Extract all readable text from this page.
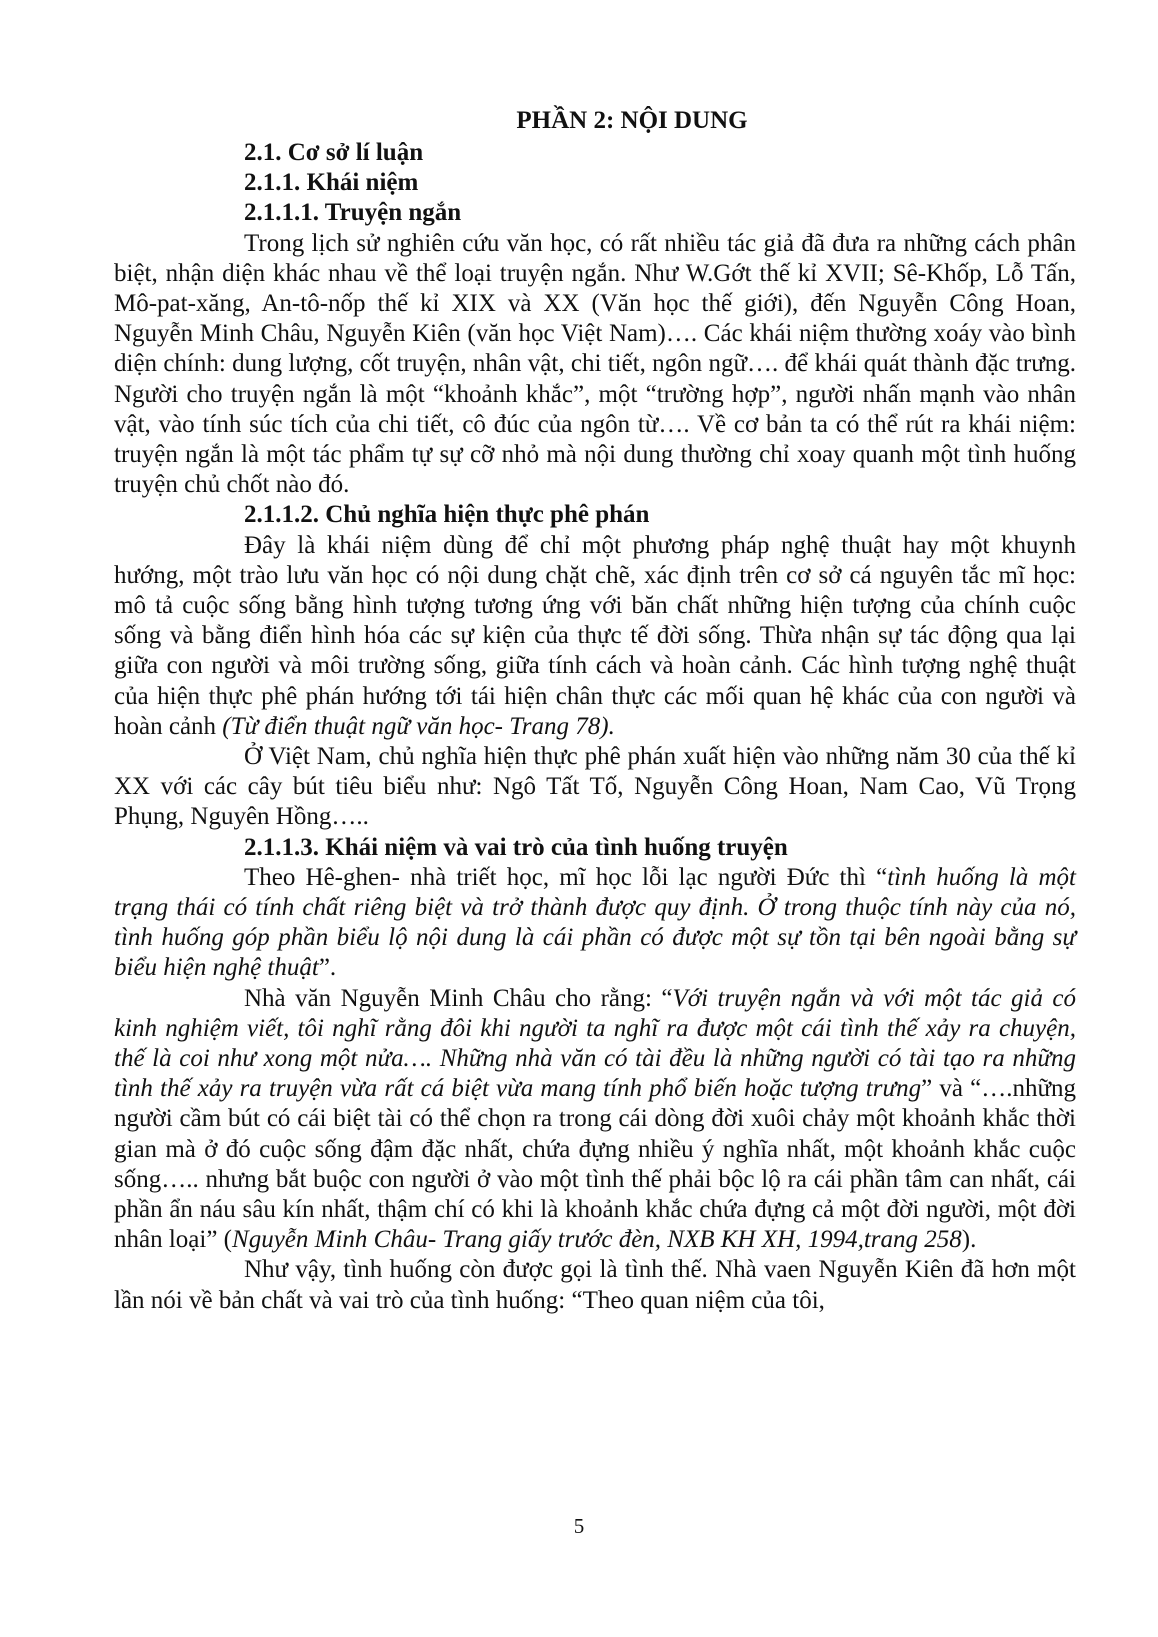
PHẦN 2: NỘI DUNG
2.1. Cơ sở lí luận
2.1.1. Khái niệm
2.1.1.1. Truyện ngắn

Trong lịch sử nghiên cứu văn học, có rất nhiều tác giả đã đưa ra những cách phân biệt, nhận diện khác nhau về thể loại truyện ngắn. Như W.Gớt thế kỉ XVII; Sê-Khốp, Lỗ Tấn, Mô-pat-xăng, An-tô-nốp thế kỉ XIX và XX (Văn học thế giới), đến Nguyễn Công Hoan, Nguyễn Minh Châu, Nguyễn Kiên (văn học Việt Nam)…. Các khái niệm thường xoáy vào bình diện chính: dung lượng, cốt truyện, nhân vật, chi tiết, ngôn ngữ…. để khái quát thành đặc trưng. Người cho truyện ngắn là một “khoảnh khắc”, một “trường hợp”, người nhấn mạnh vào nhân vật, vào tính súc tích của chi tiết, cô đúc của ngôn từ…. Về cơ bản ta có thể rút ra khái niệm: truyện ngắn là một tác phẩm tự sự cỡ nhỏ mà nội dung thường chỉ xoay quanh một tình huống truyện chủ chốt nào đó.

2.1.1.2. Chủ nghĩa hiện thực phê phán

Đây là khái niệm dùng để chỉ một phương pháp nghệ thuật hay một khuynh hướng, một trào lưu văn học có nội dung chặt chẽ, xác định trên cơ sở cá nguyên tắc mĩ học: mô tả cuộc sống bằng hình tượng tương ứng với băn chất những hiện tượng của chính cuộc sống và bằng điển hình hóa các sự kiện của thực tế đời sống. Thừa nhận sự tác động qua lại giữa con người và môi trường sống, giữa tính cách và hoàn cảnh. Các hình tượng nghệ thuật của hiện thực phê phán hướng tới tái hiện chân thực các mối quan hệ khác của con người và hoàn cảnh (Từ điển thuật ngữ văn học- Trang 78).

Ở Việt Nam, chủ nghĩa hiện thực phê phán xuất hiện vào những năm 30 của thế kỉ XX với các cây bút tiêu biểu như: Ngô Tất Tố, Nguyễn Công Hoan, Nam Cao, Vũ Trọng Phụng, Nguyên Hồng…..

2.1.1.3. Khái niệm và vai trò của tình huống truyện

Theo Hê-ghen- nhà triết học, mĩ học lỗi lạc người Đức thì “tình huống là một trạng thái có tính chất riêng biệt và trở thành được quy định. Ở trong thuộc tính này của nó, tình huống góp phần biểu lộ nội dung là cái phần có được một sự tồn tại bên ngoài bằng sự biểu hiện nghệ thuật”.

Nhà văn Nguyễn Minh Châu cho rằng: “Với truyện ngắn và với một tác giả có kinh nghiệm viết, tôi nghĩ rằng đôi khi người ta nghĩ ra được một cái tình thế xảy ra chuyện, thế là coi như xong một nửa…. Những nhà văn có tài đều là những người có tài tạo ra những tình thế xảy ra truyện vừa rất cá biệt vừa mang tính phổ biến hoặc tượng trưng” và “….những người cầm bút có cái biệt tài có thể chọn ra trong cái dòng đời xuôi chảy một khoảnh khắc thời gian mà ở đó cuộc sống đậm đặc nhất, chứa đựng nhiều ý nghĩa nhất, một khoảnh khắc cuộc sống….. nhưng bắt buộc con người ở vào một tình thế phải bộc lộ ra cái phần tâm can nhất, cái phần ẩn náu sâu kín nhất, thậm chí có khi là khoảnh khắc chứa đựng cả một đời người, một đời nhân loại” (Nguyễn Minh Châu- Trang giấy trước đèn, NXB KH XH, 1994,trang 258).

Như vậy, tình huống còn được gọi là tình thế. Nhà vaen Nguyễn Kiên đã hơn một lần nói về bản chất và vai trò của tình huống: “Theo quan niệm của tôi,

5
